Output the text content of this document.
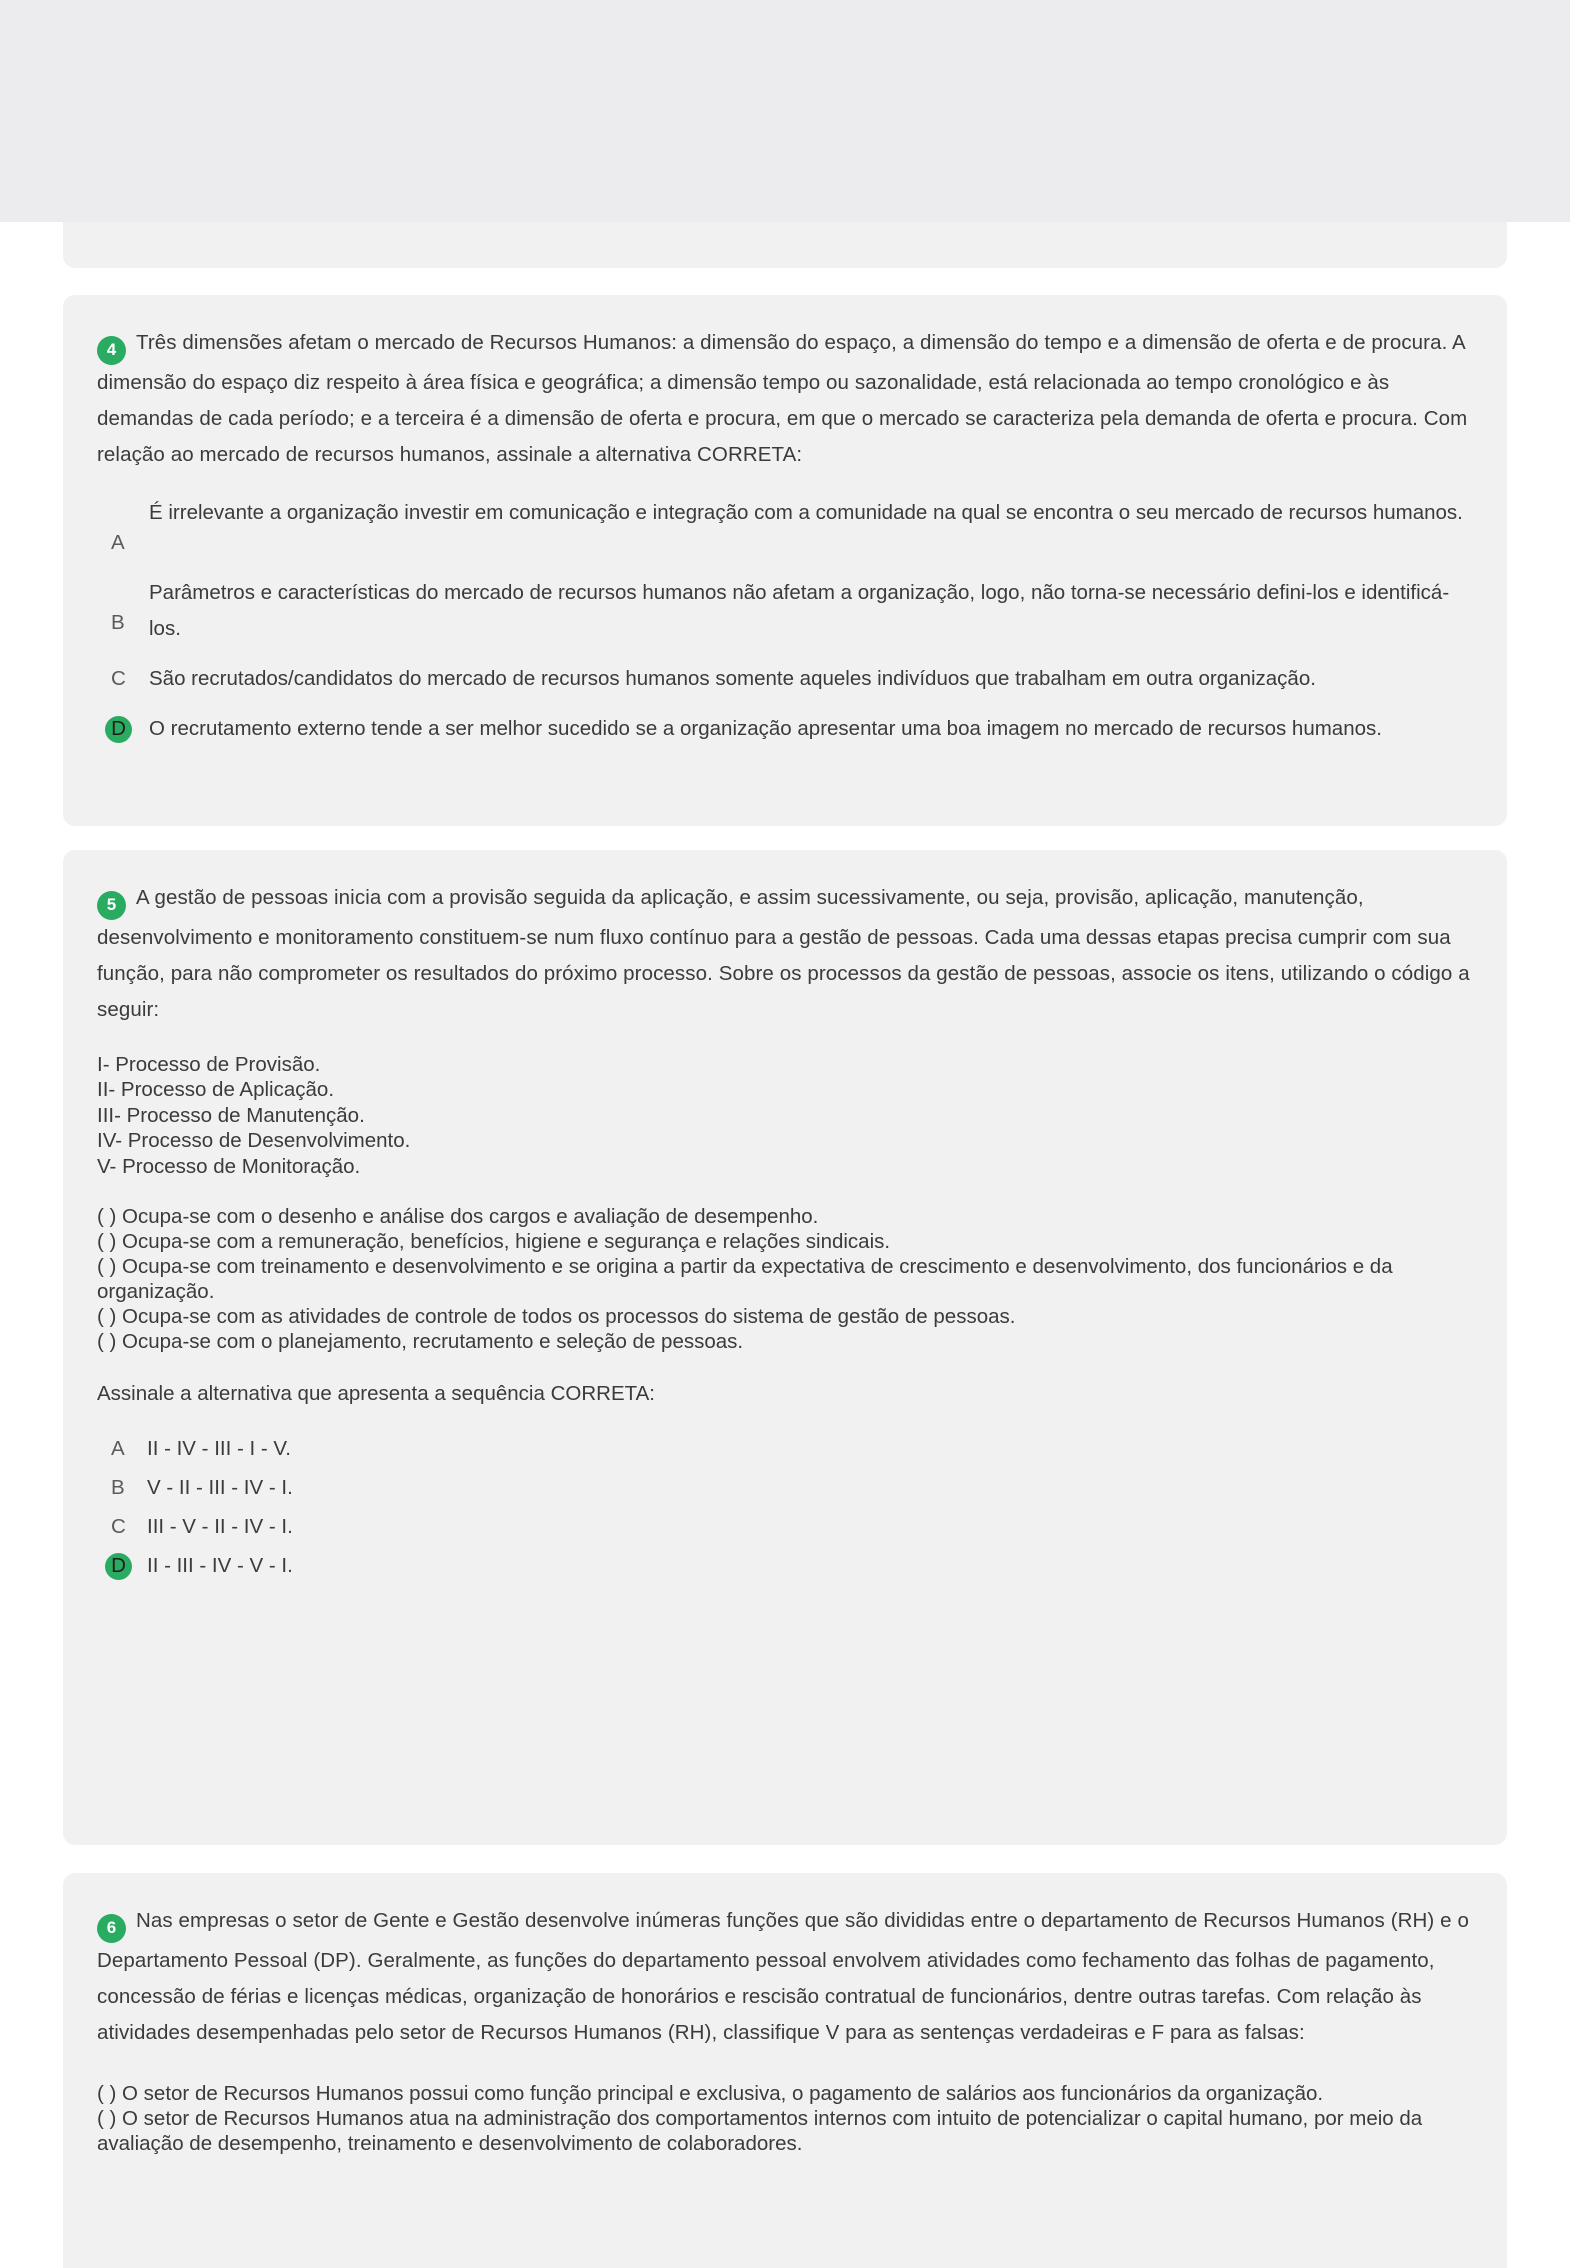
4 Três dimensões afetam o mercado de Recursos Humanos: a dimensão do espaço, a dimensão do tempo e a dimensão de oferta e de procura. A dimensão do espaço diz respeito à área física e geográfica; a dimensão tempo ou sazonalidade, está relacionada ao tempo cronológico e às demandas de cada período; e a terceira é a dimensão de oferta e procura, em que o mercado se caracteriza pela demanda de oferta e procura. Com relação ao mercado de recursos humanos, assinale a alternativa CORRETA:
A
É irrelevante a organização investir em comunicação e integração com a comunidade na qual se encontra o seu mercado de recursos humanos.
B
Parâmetros e características do mercado de recursos humanos não afetam a organização, logo, não torna-se necessário defini-los e identificá-los.
C	São recrutados/candidatos do mercado de recursos humanos somente aqueles indivíduos que trabalham em outra organização.
D	O recrutamento externo tende a ser melhor sucedido se a organização apresentar uma boa imagem no mercado de recursos humanos.
5 A gestão de pessoas inicia com a provisão seguida da aplicação, e assim sucessivamente, ou seja, provisão, aplicação, manutenção, desenvolvimento e monitoramento constituem-se num fluxo contínuo para a gestão de pessoas. Cada uma dessas etapas precisa cumprir com sua função, para não comprometer os resultados do próximo processo. Sobre os processos da gestão de pessoas, associe os itens, utilizando o código a seguir:
I- Processo de Provisão.
II- Processo de Aplicação.
III- Processo de Manutenção.
IV- Processo de Desenvolvimento.
V- Processo de Monitoração.
( ) Ocupa-se com o desenho e análise dos cargos e avaliação de desempenho.
( ) Ocupa-se com a remuneração, benefícios, higiene e segurança e relações sindicais.
( ) Ocupa-se com treinamento e desenvolvimento e se origina a partir da expectativa de crescimento e desenvolvimento, dos funcionários e da organização.
( ) Ocupa-se com as atividades de controle de todos os processos do sistema de gestão de pessoas.
( ) Ocupa-se com o planejamento, recrutamento e seleção de pessoas.
Assinale a alternativa que apresenta a sequência CORRETA:
A	II - IV - III - I - V.
B	V - II - III - IV - I.
C	III - V - II - IV - I.
D	II - III - IV - V - I.
6 Nas empresas o setor de Gente e Gestão desenvolve inúmeras funções que são divididas entre o departamento de Recursos Humanos (RH) e o Departamento Pessoal (DP). Geralmente, as funções do departamento pessoal envolvem atividades como fechamento das folhas de pagamento, concessão de férias e licenças médicas, organização de honorários e rescisão contratual de funcionários, dentre outras tarefas. Com relação às atividades desempenhadas pelo setor de Recursos Humanos (RH), classifique V para as sentenças verdadeiras e F para as falsas:
( ) O setor de Recursos Humanos possui como função principal e exclusiva, o pagamento de salários aos funcionários da organização.
( ) O setor de Recursos Humanos atua na administração dos comportamentos internos com intuito de potencializar o capital humano, por meio da avaliação de desempenho, treinamento e desenvolvimento de colaboradores.
